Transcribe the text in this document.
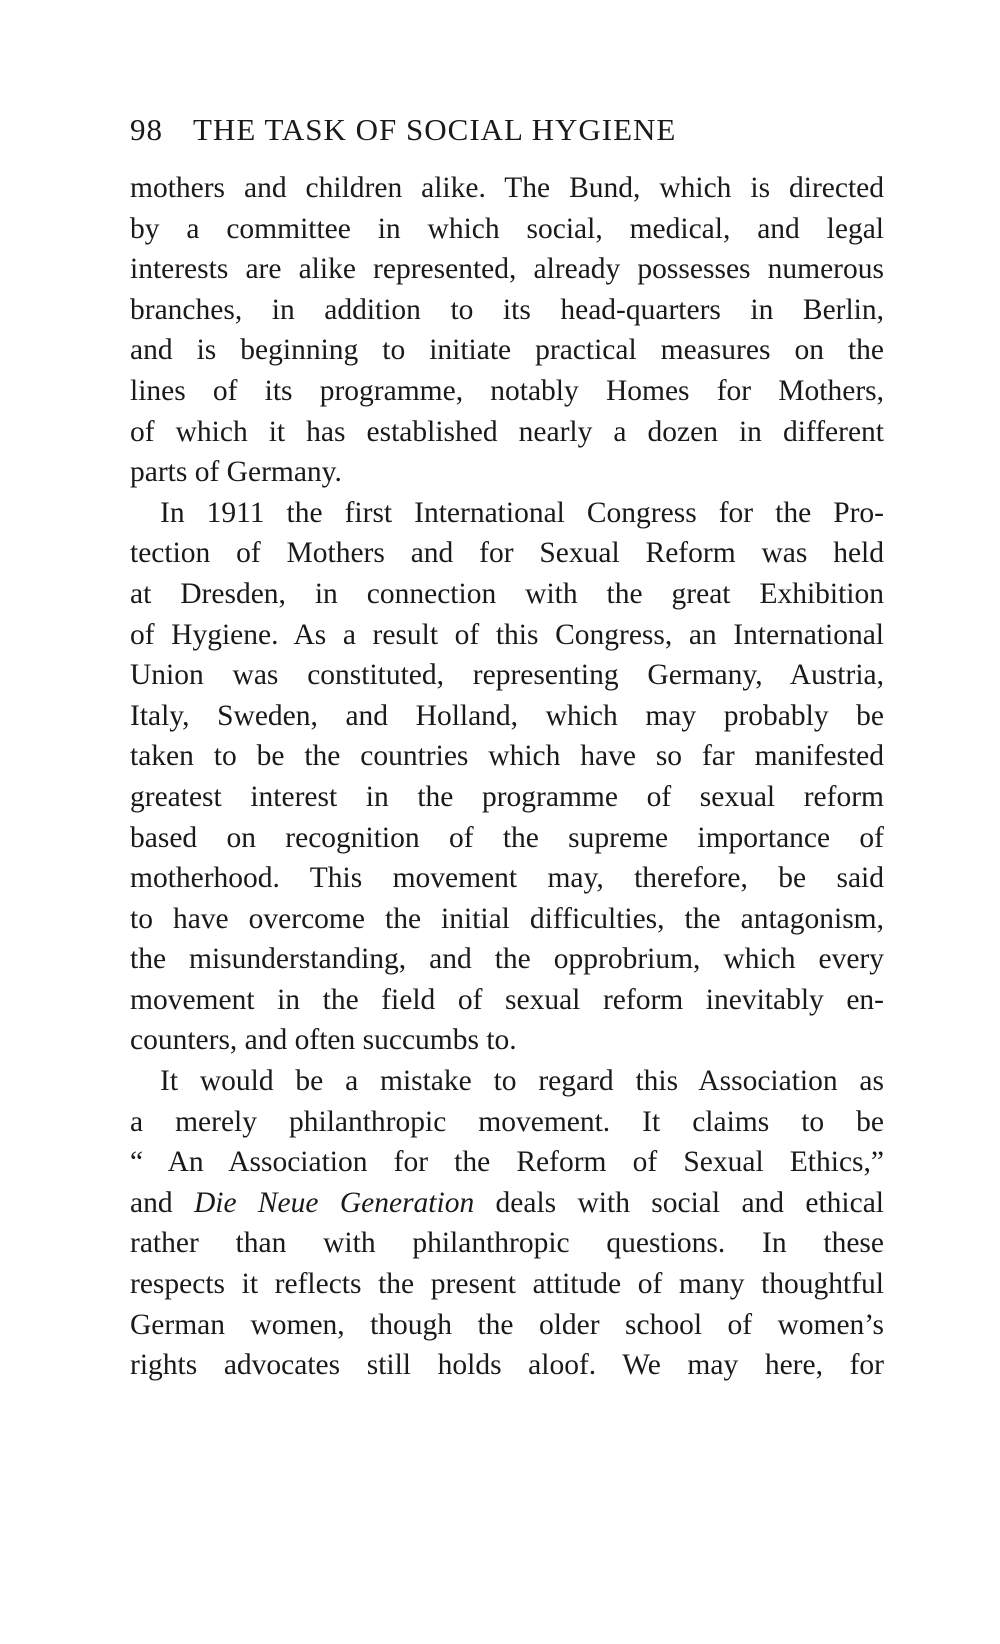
98 THE TASK OF SOCIAL HYGIENE
mothers and children alike. The Bund, which is directed
by a committee in which social, medical, and legal
interests are alike represented, already possesses numerous
branches, in addition to its head-quarters in Berlin,
and is beginning to initiate practical measures on the
lines of its programme, notably Homes for Mothers,
of which it has established nearly a dozen in different
parts of Germany.
In 1911 the first International Congress for the Pro-
tection of Mothers and for Sexual Reform was held
at Dresden, in connection with the great Exhibition
of Hygiene. As a result of this Congress, an International
Union was constituted, representing Germany, Austria,
Italy, Sweden, and Holland, which may probably be
taken to be the countries which have so far manifested
greatest interest in the programme of sexual reform
based on recognition of the supreme importance of
motherhood. This movement may, therefore, be said
to have overcome the initial difficulties, the antagonism,
the misunderstanding, and the opprobrium, which every
movement in the field of sexual reform inevitably en-
counters, and often succumbs to.
It would be a mistake to regard this Association as
a merely philanthropic movement. It claims to be
“ An Association for the Reform of Sexual Ethics,”
and Die Neue Generation deals with social and ethical
rather than with philanthropic questions. In these
respects it reflects the present attitude of many thoughtful
German women, though the older school of women’s
rights advocates still holds aloof. We may here, for
